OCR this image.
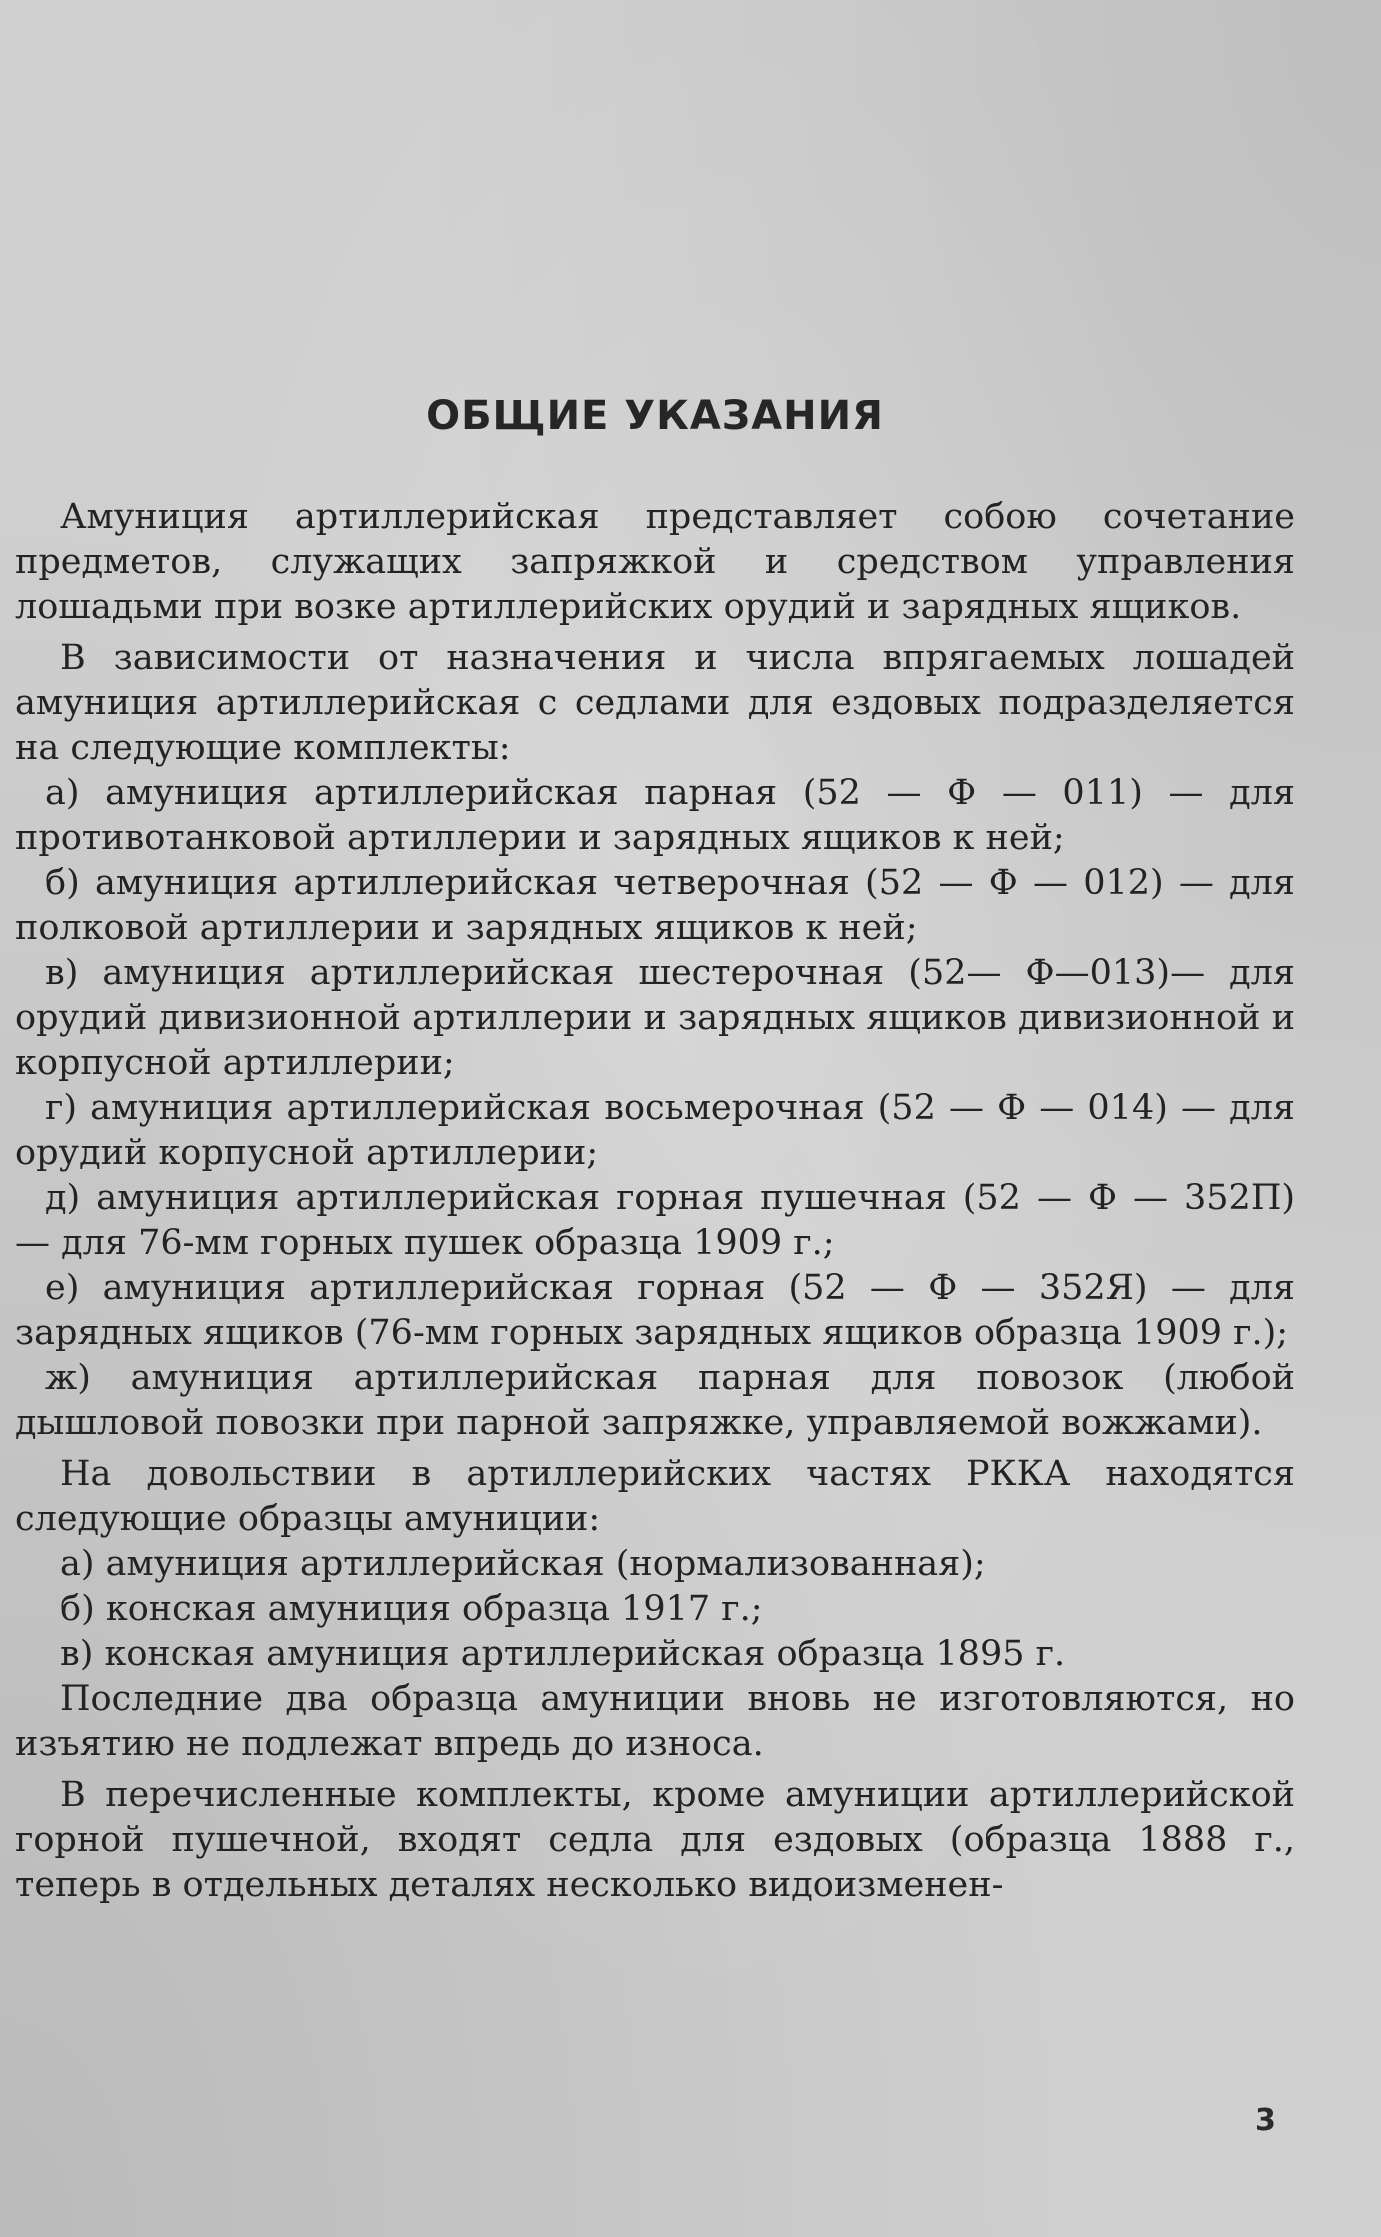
ОБЩИЕ УКАЗАНИЯ

Амуниция артиллерийская представляет собою сочетание предметов, служащих запряжкой и средством управления лошадьми при возке артиллерийских орудий и зарядных ящиков.

В зависимости от назначения и числа впрягаемых лошадей амуниция артиллерийская с седлами для ездовых подразделяется на следующие комплекты:

а) амуниция артиллерийская парная (52 — Ф — 011) — для противотанковой артиллерии и зарядных ящиков к ней;

б) амуниция артиллерийская четверочная (52 — Ф — 012) — для полковой артиллерии и зарядных ящиков к ней;

в) амуниция артиллерийская шестерочная (52— Ф—013)— для орудий дивизионной артиллерии и зарядных ящиков дивизионной и корпусной артиллерии;

г) амуниция артиллерийская восьмерочная (52 — Ф — 014) — для орудий корпусной артиллерии;

д) амуниция артиллерийская горная пушечная (52 — Ф — 352П) — для 76-мм горных пушек образца 1909 г.;

е) амуниция артиллерийская горная (52 — Ф — 352Я) — для зарядных ящиков (76-мм горных зарядных ящиков образца 1909 г.);

ж) амуниция артиллерийская парная для повозок (любой дышловой повозки при парной запряжке, управляемой вожжами).

На довольствии в артиллерийских частях РККА находятся следующие образцы амуниции:

а) амуниция артиллерийская (нормализованная);

б) конская амуниция образца 1917 г.;

в) конская амуниция артиллерийская образца 1895 г.

Последние два образца амуниции вновь не изготовляются, но изъятию не подлежат впредь до износа.

В перечисленные комплекты, кроме амуниции артиллерийской горной пушечной, входят седла для ездовых (образца 1888 г., теперь в отдельных деталях несколько видоизменен-

3
